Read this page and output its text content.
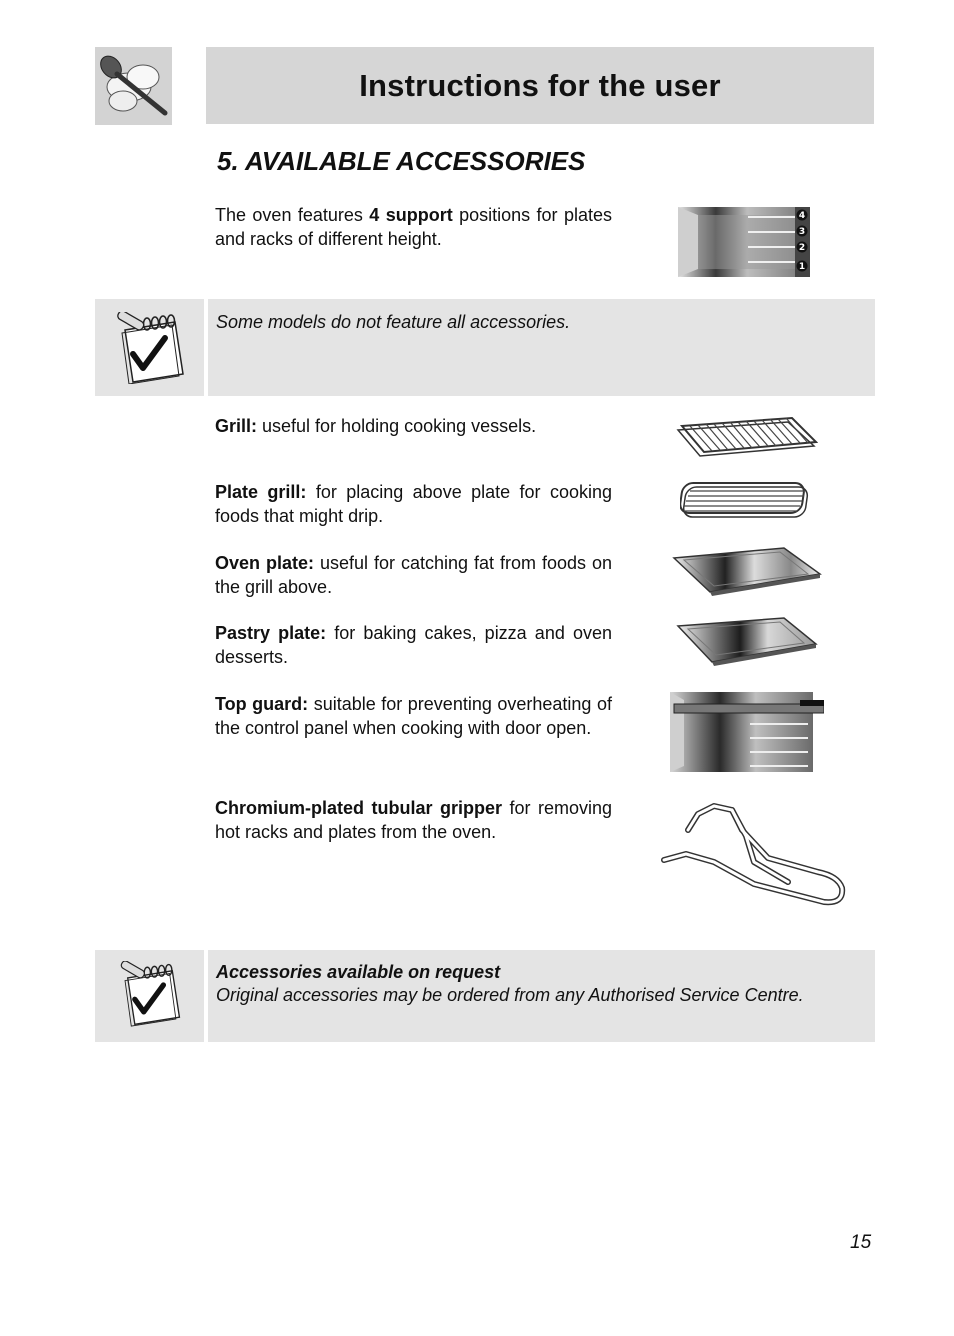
Instructions for the user
5. AVAILABLE ACCESSORIES
The oven features 4 support positions for plates and racks of different height.
4
3
2
1
Some models do not feature all accessories.
Grill: useful for holding cooking vessels.
Plate grill: for placing above plate for cooking foods that might drip.
Oven plate: useful for catching fat from foods on the grill above.
Pastry plate: for baking cakes, pizza and oven desserts.
Top guard: suitable for preventing overheating of the control panel when cooking with door open.
Chromium-plated tubular gripper for removing hot racks and plates from the oven.
Accessories available on request
Original accessories may be ordered from any Authorised Service Centre.
15
